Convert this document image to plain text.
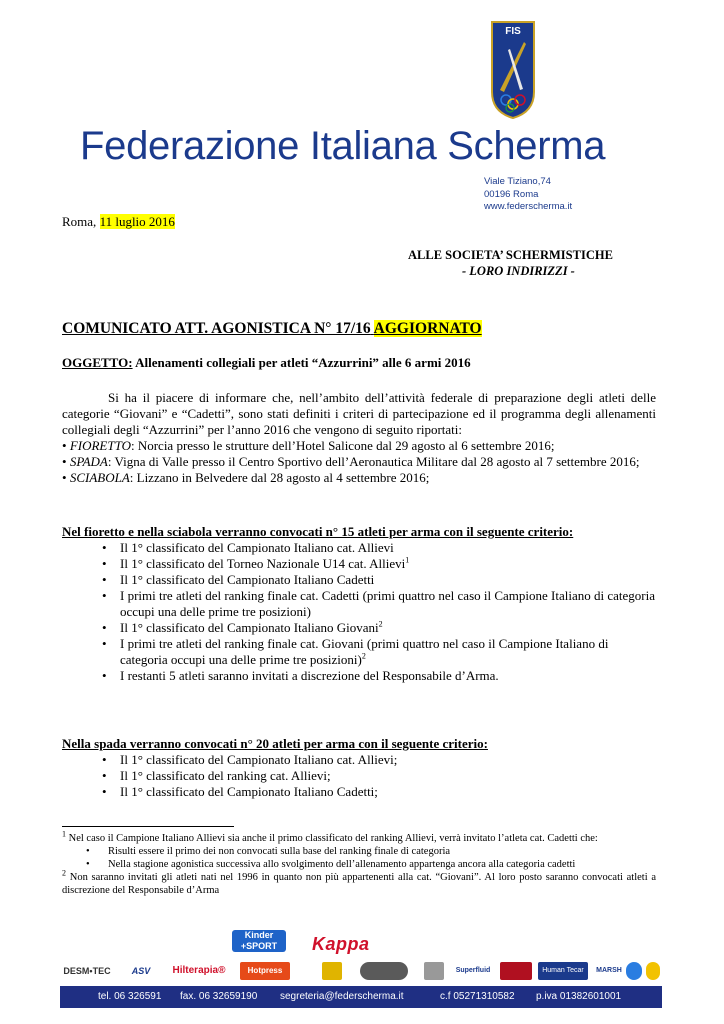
FIS
Federazione Italiana Scherma
Viale Tiziano,74
00196 Roma
www.federscherma.it
Roma, 11 luglio 2016
ALLE SOCIETA’ SCHERMISTICHE
- LORO INDIRIZZI -
COMUNICATO ATT. AGONISTICA N° 17/16 AGGIORNATO
OGGETTO: Allenamenti collegiali per atleti “Azzurrini” alle 6 armi 2016

Si ha il piacere di informare che, nell’ambito dell’attività federale di preparazione degli atleti delle categorie “Giovani” e “Cadetti”, sono stati definiti i criteri di partecipazione ed il programma degli allenamenti collegiali degli “Azzurrini” per l’anno 2016 che vengono di seguito riportati:

• FIORETTO: Norcia presso le strutture dell’Hotel Salicone dal 29 agosto al 6 settembre 2016;

• SPADA: Vigna di Valle presso il Centro Sportivo dell’Aeronautica Militare dal 28 agosto al 7 settembre 2016;

• SCIABOLA: Lizzano in Belvedere dal 28 agosto al 4 settembre 2016;

Nel fioretto e nella sciabola verranno convocati n° 15 atleti per arma con il seguente criterio:
• Il 1° classificato del Campionato Italiano cat. Allievi
• Il 1° classificato del Torneo Nazionale U14 cat. Allievi$^1$
• Il 1° classificato del Campionato Italiano Cadetti
• I primi tre atleti del ranking finale cat. Cadetti (primi quattro nel caso il Campione Italiano di categoria occupi una delle prime tre posizioni)
• Il 1° classificato del Campionato Italiano Giovani$^2$
• I primi tre atleti del ranking finale cat. Giovani (primi quattro nel caso il Campione Italiano di categoria occupi una delle prime tre posizioni)$^2$
• I restanti 5 atleti saranno invitati a discrezione del Responsabile d’Arma.
Nella spada verranno convocati n° 20 atleti per arma con il seguente criterio:
• Il 1° classificato del Campionato Italiano cat. Allievi;
• Il 1° classificato del ranking cat. Allievi;
• Il 1° classificato del Campionato Italiano Cadetti;

$^1$ Nel caso il Campione Italiano Allievi sia anche il primo classificato del ranking Allievi, verrà invitato l’atleta cat. Cadetti che:

• Risulti essere il primo dei non convocati sulla base del ranking finale di categoria
• Nella stagione agonistica successiva allo svolgimento dell’allenamento appartenga ancora alla categoria cadetti

$^2$ Non saranno invitati gli atleti nati nel 1996 in quanto non più appartenenti alla cat. “Giovani”. Al loro posto saranno convocati atleti a discrezione del Responsabile d’Arma

Kinder
+SPORT	Kappa
DESM•TEC	ASV	Hilterapia®	Hotpress	Superfluid	Human Tecar	MARSH
tel. 06 326591 fax. 06 32659190 segreteria@federscherma.it	c.f 05271310582 p.iva 01382601001
